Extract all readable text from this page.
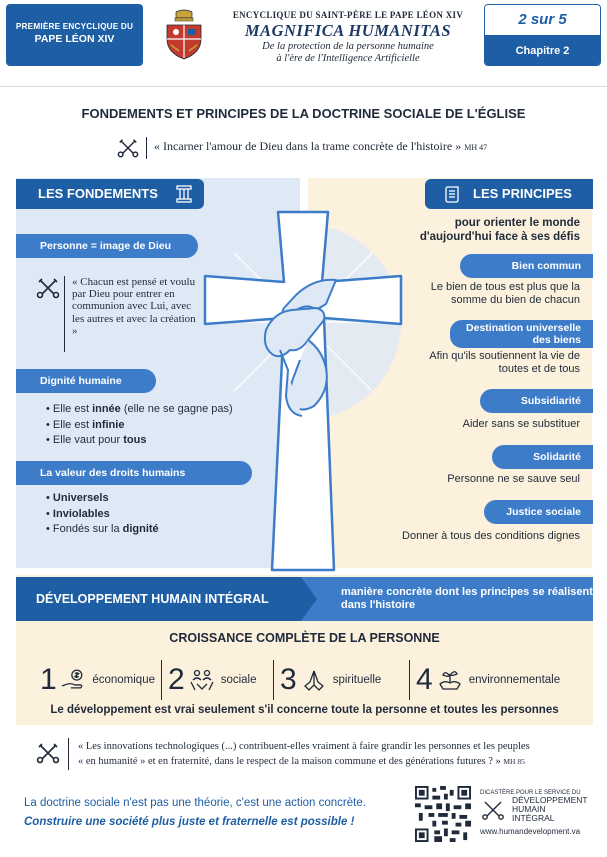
PREMIÈRE ENCYCLIQUE DU
PAPE LÉON XIV
ENCYCLIQUE DU SAINT-PÈRE LE PAPE LÉON XIV
MAGNIFICA HUMANITAS
De la protection de la personne humaine
à l'ère de l'Intelligence Artificielle
2 sur 5
Chapitre 2
FONDEMENTS ET PRINCIPES DE LA DOCTRINE SOCIALE DE L'ÉGLISE
« Incarner l'amour de Dieu dans la trame concrète de l'histoire » MH 47
LES FONDEMENTS
Personne = image de Dieu
« Chacun est pensé et voulu par Dieu pour entrer en communion avec Lui, avec les autres et avec la création »
Dignité humaine
• Elle est innée (elle ne se gagne pas)
• Elle est infinie
• Elle vaut pour tous
La valeur des droits humains
• Universels
• Inviolables
• Fondés sur la dignité
LES PRINCIPES
pour orienter le monde d'aujourd'hui face à ses défis
Bien commun
Le bien de tous est plus que la somme du bien de chacun
Destination universelle des biens
Afin qu'ils soutiennent la vie de toutes et de tous
Subsidiarité
Aider sans se substituer
Solidarité
Personne ne se sauve seul
Justice sociale
Donner à tous des conditions dignes
manière concrète dont les principes se réalisent dans l'histoire
DÉVELOPPEMENT HUMAIN INTÉGRAL
CROISSANCE COMPLÈTE DE LA PERSONNE
1	économique 2	sociale 3	spirituelle 4	environnementale
Le développement est vrai seulement s'il concerne toute la personne et toutes les personnes
« Les innovations technologiques (...) contribuent-elles vraiment à faire grandir les personnes et les peuples
« en humanité » et en fraternité, dans le respect de la maison commune et des générations futures ? » MH 85
La doctrine sociale n'est pas une théorie, c'est une action concrète.
Construire une société plus juste et fraternelle est possible !
DICASTÈRE POUR LE SERVICE DU
DÉVELOPPEMENT
HUMAIN
INTÉGRAL
www.humandevelopment.va
